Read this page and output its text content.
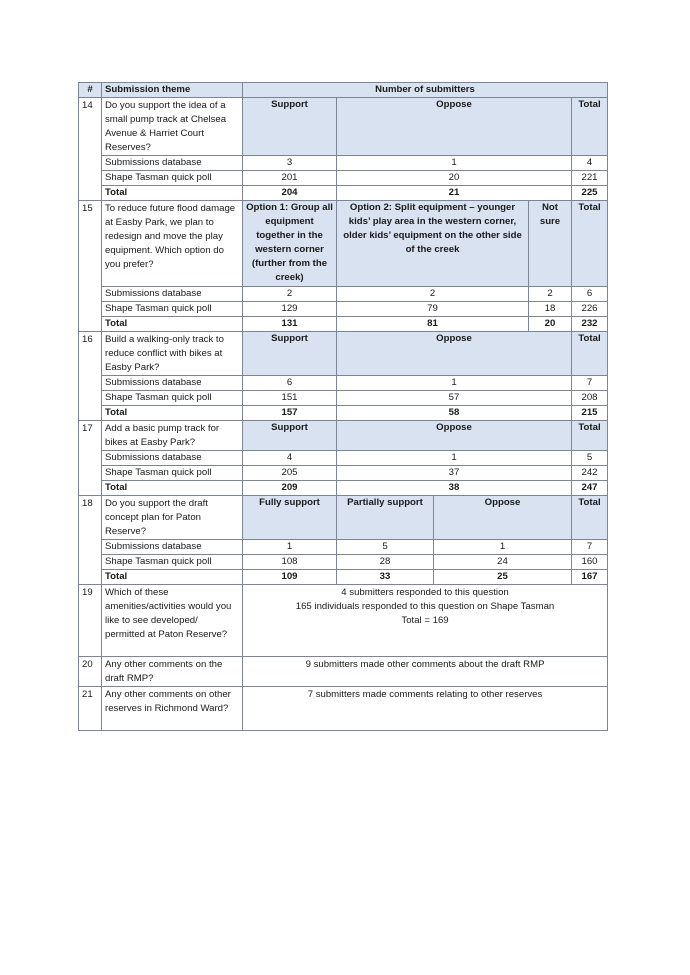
#	Submission theme	Number of submitters				
14	Do you support the idea of a small pump track at Chelsea Avenue & Harriet Court Reserves?	Support	Oppose			Total
	Submissions database	3	1			4
	Shape Tasman quick poll	201	20			221
	Total	204	21			225
15	To reduce future flood damage at Easby Park, we plan to redesign and move the play equipment. Which option do you prefer?	Option 1: Group all equipment together in the western corner (further from the creek)	Option 2: Split equipment – younger kids’ play area in the western corner, older kids’ equipment on the other side of the creek		Not sure	Total
	Submissions database	2	2		2	6
	Shape Tasman quick poll	129	79		18	226
	Total	131	81		20	232
16	Build a walking-only track to reduce conflict with bikes at Easby Park?	Support	Oppose			Total
	Submissions database	6	1			7
	Shape Tasman quick poll	151	57			208
	Total	157	58			215
17	Add a basic pump track for bikes at Easby Park?	Support	Oppose			Total
	Submissions database	4	1			5
	Shape Tasman quick poll	205	37			242
	Total	209	38			247
18	Do you support the draft concept plan for Paton Reserve?	Fully support	Partially support	Oppose		Total
	Submissions database	1	5	1		7
	Shape Tasman quick poll	108	28	24		160
	Total	109	33	25		167
19	Which of these amenities/activities would you like to see developed/ permitted at Paton Reserve?	4 submitters responded to this question
165 individuals responded to this question on Shape Tasman
Total = 169				

20	Any other comments on the draft RMP?	9 submitters made other comments about the draft RMP				
21	Any other comments on other reserves in Richmond Ward?	7 submitters made comments relating to other reserves				
